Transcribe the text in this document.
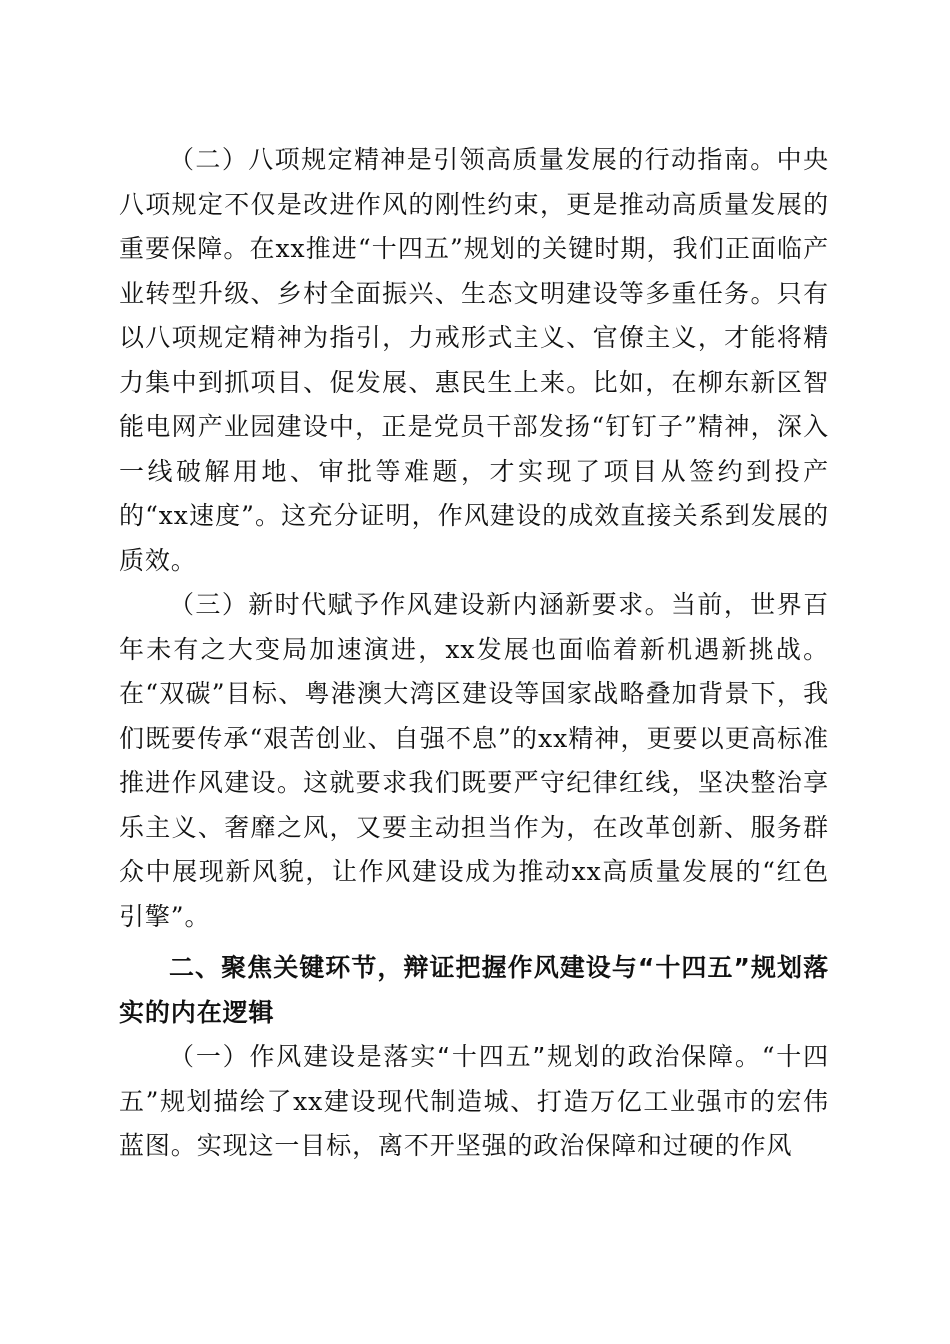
（二）八项规定精神是引领高质量发展的行动指南。中央八项规定不仅是改进作风的刚性约束，更是推动高质量发展的重要保障。在xx推进“十四五”规划的关键时期，我们正面临产业转型升级、乡村全面振兴、生态文明建设等多重任务。只有以八项规定精神为指引，力戒形式主义、官僚主义，才能将精力集中到抓项目、促发展、惠民生上来。比如，在柳东新区智能电网产业园建设中，正是党员干部发扬“钉钉子”精神，深入一线破解用地、审批等难题，才实现了项目从签约到投产的“xx速度”。这充分证明，作风建设的成效直接关系到发展的质效。

（三）新时代赋予作风建设新内涵新要求。当前，世界百年未有之大变局加速演进，xx发展也面临着新机遇新挑战。在“双碳”目标、粤港澳大湾区建设等国家战略叠加背景下，我们既要传承“艰苦创业、自强不息”的xx精神，更要以更高标准推进作风建设。这就要求我们既要严守纪律红线，坚决整治享乐主义、奢靡之风，又要主动担当作为，在改革创新、服务群众中展现新风貌，让作风建设成为推动xx高质量发展的“红色引擎”。

二、聚焦关键环节，辩证把握作风建设与“十四五”规划落实的内在逻辑

（一）作风建设是落实“十四五”规划的政治保障。“十四五”规划描绘了xx建设现代制造城、打造万亿工业强市的宏伟蓝图。实现这一目标，离不开坚强的政治保障和过硬的作风
